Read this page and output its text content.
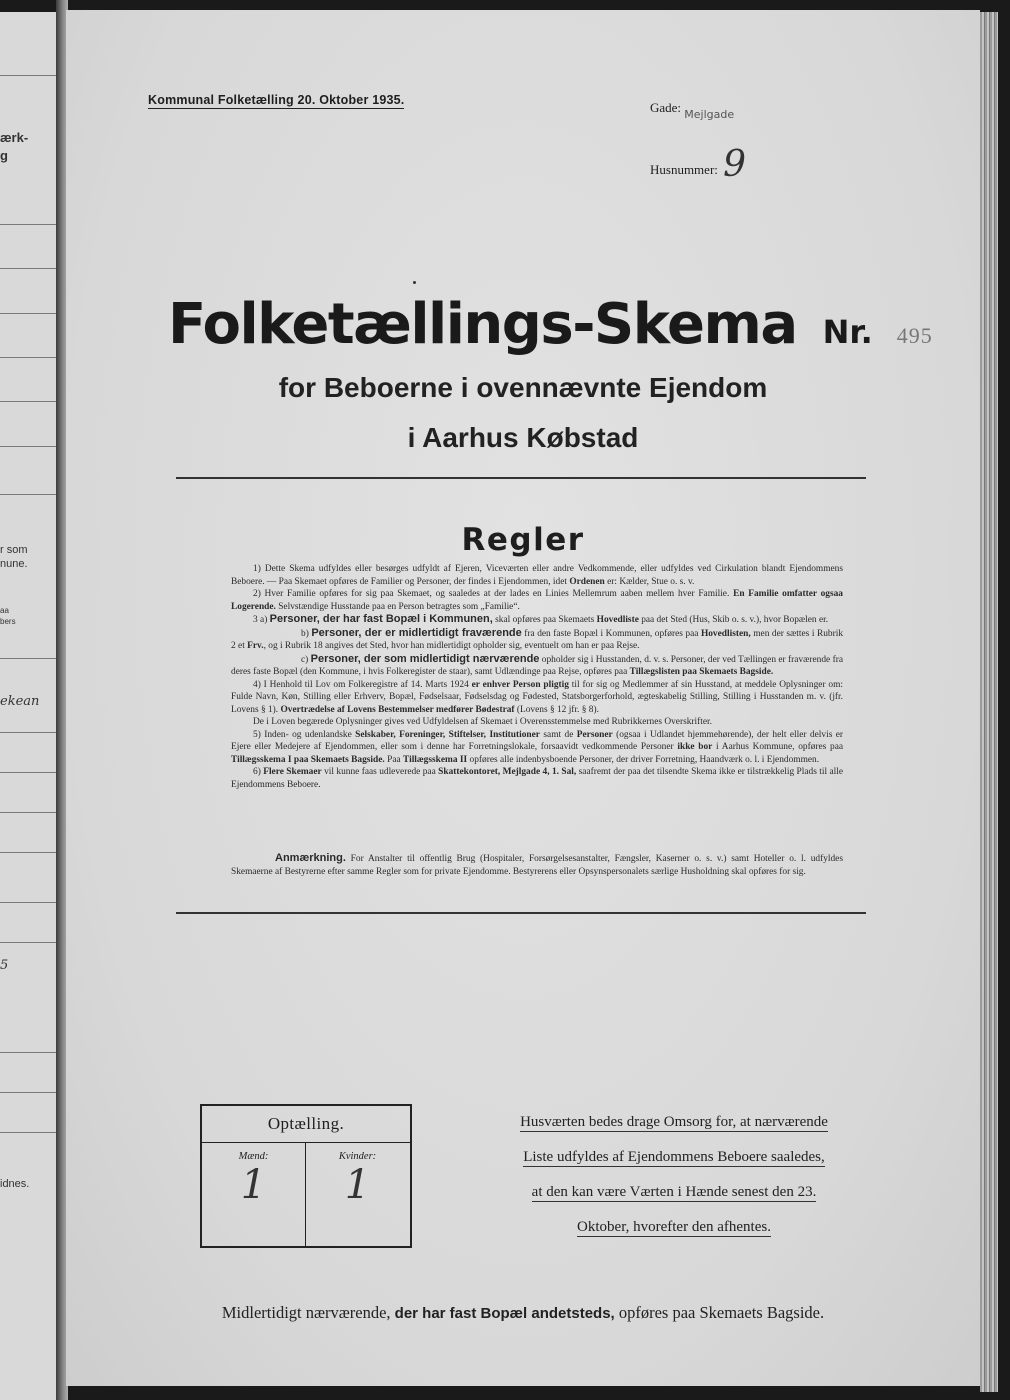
ærk-
g
r som
nune.
aa
bers
ekean
5
idnes.
Kommunal Folketælling 20. Oktober 1935.	Gade: $_{Mejlgade}$
Husnummer: 9
Folketællings-Skema Nr. 495
for Beboerne i ovennævnte Ejendom
i Aarhus Købstad
Regler

1) Dette Skema udfyldes eller besørges udfyldt af Ejeren, Viceværten eller andre Vedkommende, eller udfyldes ved Cirkulation blandt Ejendommens Beboere. — Paa Skemaet opføres de Familier og Personer, der findes i Ejendommen, idet Ordenen er: Kælder, Stue o. s. v.

2) Hver Familie opføres for sig paa Skemaet, og saaledes at der lades en Linies Mellemrum aaben mellem hver Familie. En Familie omfatter ogsaa Logerende. Selvstændige Husstande paa en Person betragtes som „Familie“.

3 a) Personer, der har fast Bopæl i Kommunen, skal opføres paa Skemaets Hovedliste paa det Sted (Hus, Skib o. s. v.), hvor Bopælen er.

b) Personer, der er midlertidigt fraværende fra den faste Bopæl i Kommunen, opføres paa Hovedlisten, men der sættes i Rubrik 2 et Frv., og i Rubrik 18 angives det Sted, hvor han midlertidigt opholder sig, eventuelt om han er paa Rejse.

c) Personer, der som midlertidigt nærværende opholder sig i Husstanden, d. v. s. Personer, der ved Tællingen er fraværende fra deres faste Bopæl (den Kommune, i hvis Folkeregister de staar), samt Udlændinge paa Rejse, opføres paa Tillægslisten paa Skemaets Bagside.

4) I Henhold til Lov om Folkeregistre af 14. Marts 1924 er enhver Person pligtig til for sig og Medlemmer af sin Husstand, at meddele Oplysninger om: Fulde Navn, Køn, Stilling eller Erhverv, Bopæl, Fødselsaar, Fødselsdag og Fødested, Statsborgerforhold, ægteskabelig Stilling, Stilling i Husstanden m. v. (jfr. Lovens § 1). Overtrædelse af Lovens Bestemmelser medfører Bødestraf (Lovens § 12 jfr. § 8).

De i Loven begærede Oplysninger gives ved Udfyldelsen af Skemaet i Overensstemmelse med Rubrikkernes Overskrifter.

5) Inden- og udenlandske Selskaber, Foreninger, Stiftelser, Institutioner samt de Personer (ogsaa i Udlandet hjemmehørende), der helt eller delvis er Ejere eller Medejere af Ejendommen, eller som i denne har Forretningslokale, forsaavidt vedkommende Personer ikke bor i Aarhus Kommune, opføres paa Tillægsskema I paa Skemaets Bagside. Paa Tillægsskema II opføres alle indenbysboende Personer, der driver Forretning, Haandværk o. l. i Ejendommen.

6) Flere Skemaer vil kunne faas udleverede paa Skattekontoret, Mejlgade 4, 1. Sal, saafremt der paa det tilsendte Skema ikke er tilstrækkelig Plads til alle Ejendommens Beboere.

Anmærkning. For Anstalter til offentlig Brug (Hospitaler, Forsørgelsesanstalter, Fængsler, Kaserner o. s. v.) samt Hoteller o. l. udfyldes Skemaerne af Bestyrerne efter samme Regler som for private Ejendomme. Bestyrerens eller Opsynspersonalets særlige Husholdning skal opføres for sig.
Optælling.
Mænd:
1
Kvinder:
1
Husværten bedes drage Omsorg for, at nærværende
Liste udfyldes af Ejendommens Beboere saaledes,
at den kan være Værten i Hænde senest den 23.
Oktober, hvorefter den afhentes.
Midlertidigt nærværende, der har fast Bopæl andetsteds, opføres paa Skemaets Bagside.
